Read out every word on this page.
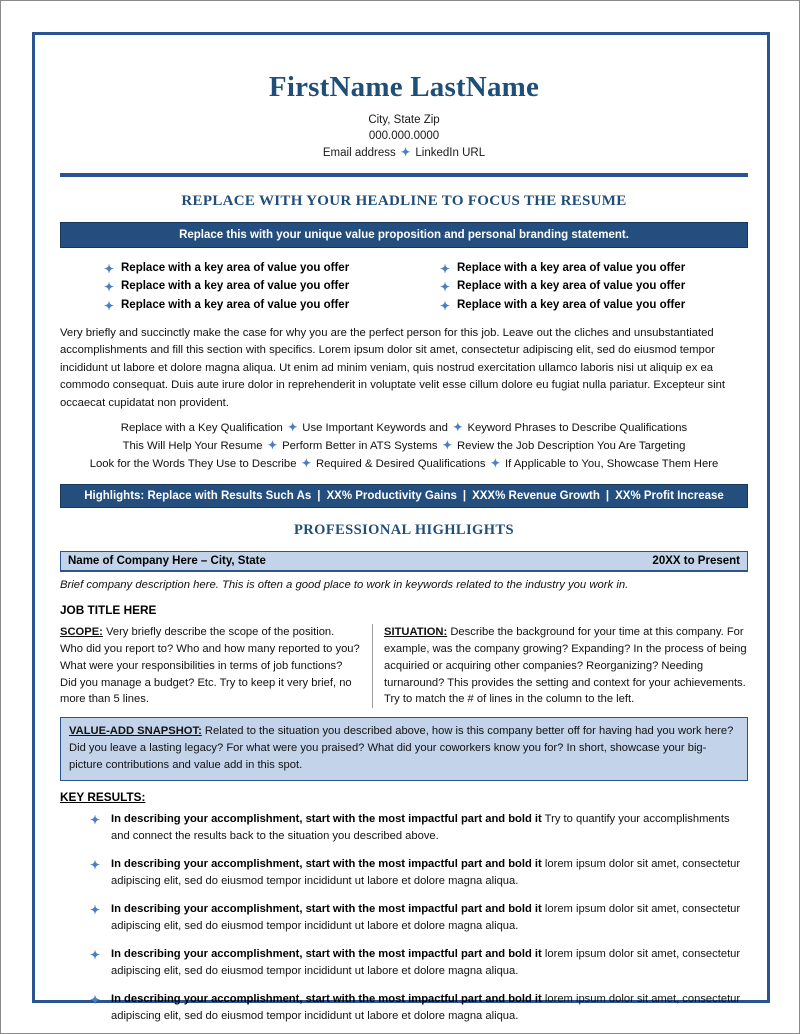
FirstName LastName
City, State Zip
000.000.0000
Email address ✦ LinkedIn URL
REPLACE WITH YOUR HEADLINE TO FOCUS THE RESUME
Replace this with your unique value proposition and personal branding statement.
✦ Replace with a key area of value you offer
✦ Replace with a key area of value you offer
✦ Replace with a key area of value you offer
✦ Replace with a key area of value you offer
✦ Replace with a key area of value you offer
✦ Replace with a key area of value you offer
Very briefly and succinctly make the case for why you are the perfect person for this job. Leave out the cliches and unsubstantiated accomplishments and fill this section with specifics. Lorem ipsum dolor sit amet, consectetur adipiscing elit, sed do eiusmod tempor incididunt ut labore et dolore magna aliqua. Ut enim ad minim veniam, quis nostrud exercitation ullamco laboris nisi ut aliquip ex ea commodo consequat. Duis aute irure dolor in reprehenderit in voluptate velit esse cillum dolore eu fugiat nulla pariatur. Excepteur sint occaecat cupidatat non provident.
Replace with a Key Qualification ✦ Use Important Keywords and ✦ Keyword Phrases to Describe Qualifications
This Will Help Your Resume ✦ Perform Better in ATS Systems ✦ Review the Job Description You Are Targeting
Look for the Words They Use to Describe ✦ Required & Desired Qualifications ✦ If Applicable to You, Showcase Them Here
Highlights: Replace with Results Such As | XX% Productivity Gains | XXX% Revenue Growth | XX% Profit Increase
PROFESSIONAL HIGHLIGHTS
Name of Company Here – City, State	20XX to Present
Brief company description here. This is often a good place to work in keywords related to the industry you work in.
JOB TITLE HERE
SCOPE: Very briefly describe the scope of the position. Who did you report to? Who and how many reported to you? What were your responsibilities in terms of job functions? Did you manage a budget? Etc. Try to keep it very brief, no more than 5 lines.
SITUATION: Describe the background for your time at this company. For example, was the company growing? Expanding? In the process of being acquiried or acquiring other companies? Reorganizing? Needing turnaround? This provides the setting and context for your achievements. Try to match the # of lines in the column to the left.
VALUE-ADD SNAPSHOT: Related to the situation you described above, how is this company better off for having had you work here? Did you leave a lasting legacy? For what were you praised? What did your coworkers know you for? In short, showcase your big-picture contributions and value add in this spot.
KEY RESULTS:
✦ In describing your accomplishment, start with the most impactful part and bold it Try to quantify your accomplishments and connect the results back to the situation you described above.
✦ In describing your accomplishment, start with the most impactful part and bold it lorem ipsum dolor sit amet, consectetur adipiscing elit, sed do eiusmod tempor incididunt ut labore et dolore magna aliqua.
✦ In describing your accomplishment, start with the most impactful part and bold it lorem ipsum dolor sit amet, consectetur adipiscing elit, sed do eiusmod tempor incididunt ut labore et dolore magna aliqua.
✦ In describing your accomplishment, start with the most impactful part and bold it lorem ipsum dolor sit amet, consectetur adipiscing elit, sed do eiusmod tempor incididunt ut labore et dolore magna aliqua.
✦ In describing your accomplishment, start with the most impactful part and bold it lorem ipsum dolor sit amet, consectetur adipiscing elit, sed do eiusmod tempor incididunt ut labore et dolore magna aliqua.
